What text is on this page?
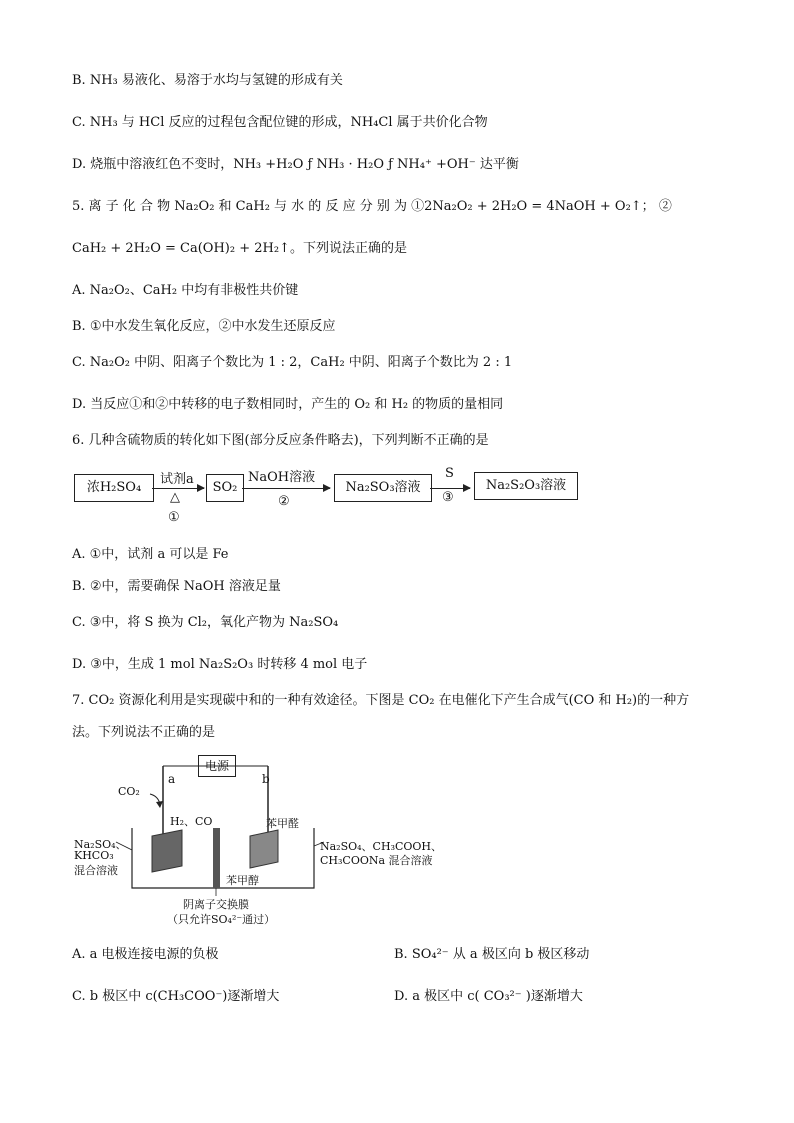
B. NH₃ 易液化、易溶于水均与氢键的形成有关
C. NH₃ 与 HCl 反应的过程包含配位键的形成，NH₄Cl 属于共价化合物
D. 烧瓶中溶液红色不变时，NH₃ +H₂O ƒ NH₃ · H₂O ƒ NH₄⁺ +OH⁻ 达平衡
5. 离 子 化 合 物 Na₂O₂ 和 CaH₂ 与 水 的 反 应 分 别 为 ①2Na₂O₂ + 2H₂O = 4NaOH + O₂↑； ②
CaH₂ + 2H₂O = Ca(OH)₂ + 2H₂↑。下列说法正确的是
A. Na₂O₂、CaH₂ 中均有非极性共价键
B. ①中水发生氧化反应，②中水发生还原反应
C. Na₂O₂ 中阴、阳离子个数比为 1 : 2，CaH₂ 中阴、阳离子个数比为 2 : 1
D. 当反应①和②中转移的电子数相同时，产生的 O₂ 和 H₂ 的物质的量相同
6. 几种含硫物质的转化如下图(部分反应条件略去)，下列判断不正确的是
浓H₂SO₄
试剂a
△
①
SO₂
NaOH溶液
②
Na₂SO₃溶液
S
③
Na₂S₂O₃溶液
A. ①中，试剂 a 可以是 Fe
B. ②中，需要确保 NaOH 溶液足量
C. ③中，将 S 换为 Cl₂，氧化产物为 Na₂SO₄
D. ③中，生成 1 mol Na₂S₂O₃ 时转移 4 mol 电子
7. CO₂ 资源化利用是实现碳中和的一种有效途径。下图是 CO₂ 在电催化下产生合成气(CO 和 H₂)的一种方
法。下列说法不正确的是
电源
a	b
CO₂
H₂、CO	苯甲醛
苯甲醇
Na₂SO₄、
KHCO₃
混合溶液
Na₂SO₄、CH₃COOH、
CH₃COONa 混合溶液
阴离子交换膜
（只允许SO₄²⁻通过）
A. a 电极连接电源的负极	B. SO₄²⁻ 从 a 极区向 b 极区移动
C. b 极区中 c(CH₃COO⁻)逐渐增大	D. a 极区中 c( CO₃²⁻ )逐渐增大
